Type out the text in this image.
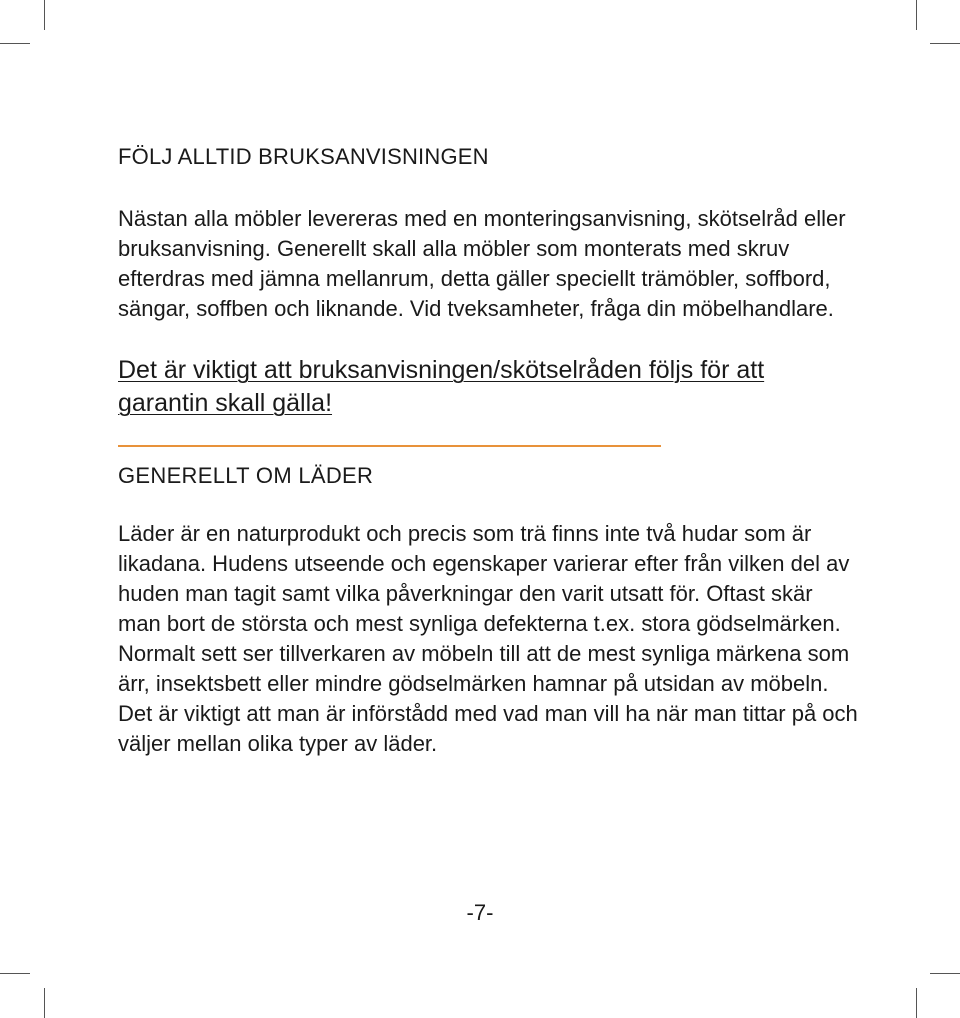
FÖLJ ALLTID BRUKSANVISNINGEN

Nästan alla möbler levereras med en monteringsanvisning, skötselråd eller bruksanvisning. Generellt skall alla möbler som monterats med skruv efterdras med jämna mellanrum, detta gäller speciellt trämöbler, soffbord, sängar, soffben och liknande. Vid tveksamheter, fråga din möbelhandlare.

Det är viktigt att bruksanvisningen/skötselråden följs för att garantin skall gälla!

GENERELLT OM LÄDER

Läder är en naturprodukt och precis som trä finns inte två hudar som är likadana. Hudens utseende och egenskaper varierar efter från vilken del av huden man tagit samt vilka påverkningar den varit utsatt för. Oftast skär man bort de största och mest synliga defekterna t.ex. stora gödselmärken. Normalt sett ser tillverkaren av möbeln till att de mest synliga märkena som ärr, insektsbett eller mindre gödselmärken hamnar på utsidan av möbeln. Det är viktigt att man är införstådd med vad man vill ha när man tittar på och väljer mellan olika typer av läder.

-7-
